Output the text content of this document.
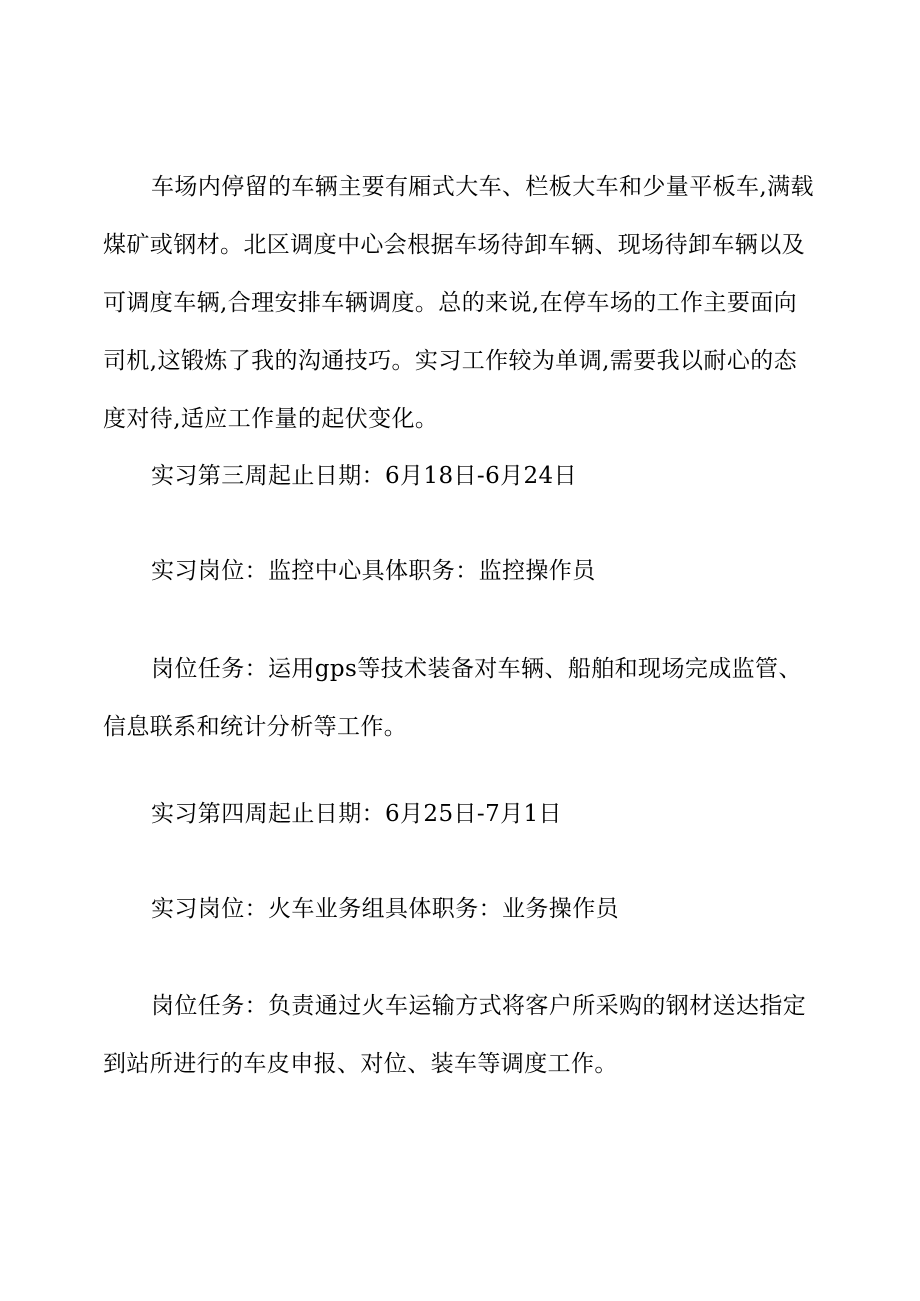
车场内停留的车辆主要有厢式大车、栏板大车和少量平板车,满载煤矿或钢材。北区调度中心会根据车场待卸车辆、现场待卸车辆以及可调度车辆,合理安排车辆调度。总的来说,在停车场的工作主要面向司机,这锻炼了我的沟通技巧。实习工作较为单调,需要我以耐心的态度对待,适应工作量的起伏变化。

实习第三周起止日期：6月18日-6月24日

实习岗位：监控中心具体职务：监控操作员

岗位任务：运用gps等技术装备对车辆、船舶和现场完成监管、信息联系和统计分析等工作。

实习第四周起止日期：6月25日-7月1日

实习岗位：火车业务组具体职务：业务操作员

岗位任务：负责通过火车运输方式将客户所采购的钢材送达指定到站所进行的车皮申报、对位、装车等调度工作。
